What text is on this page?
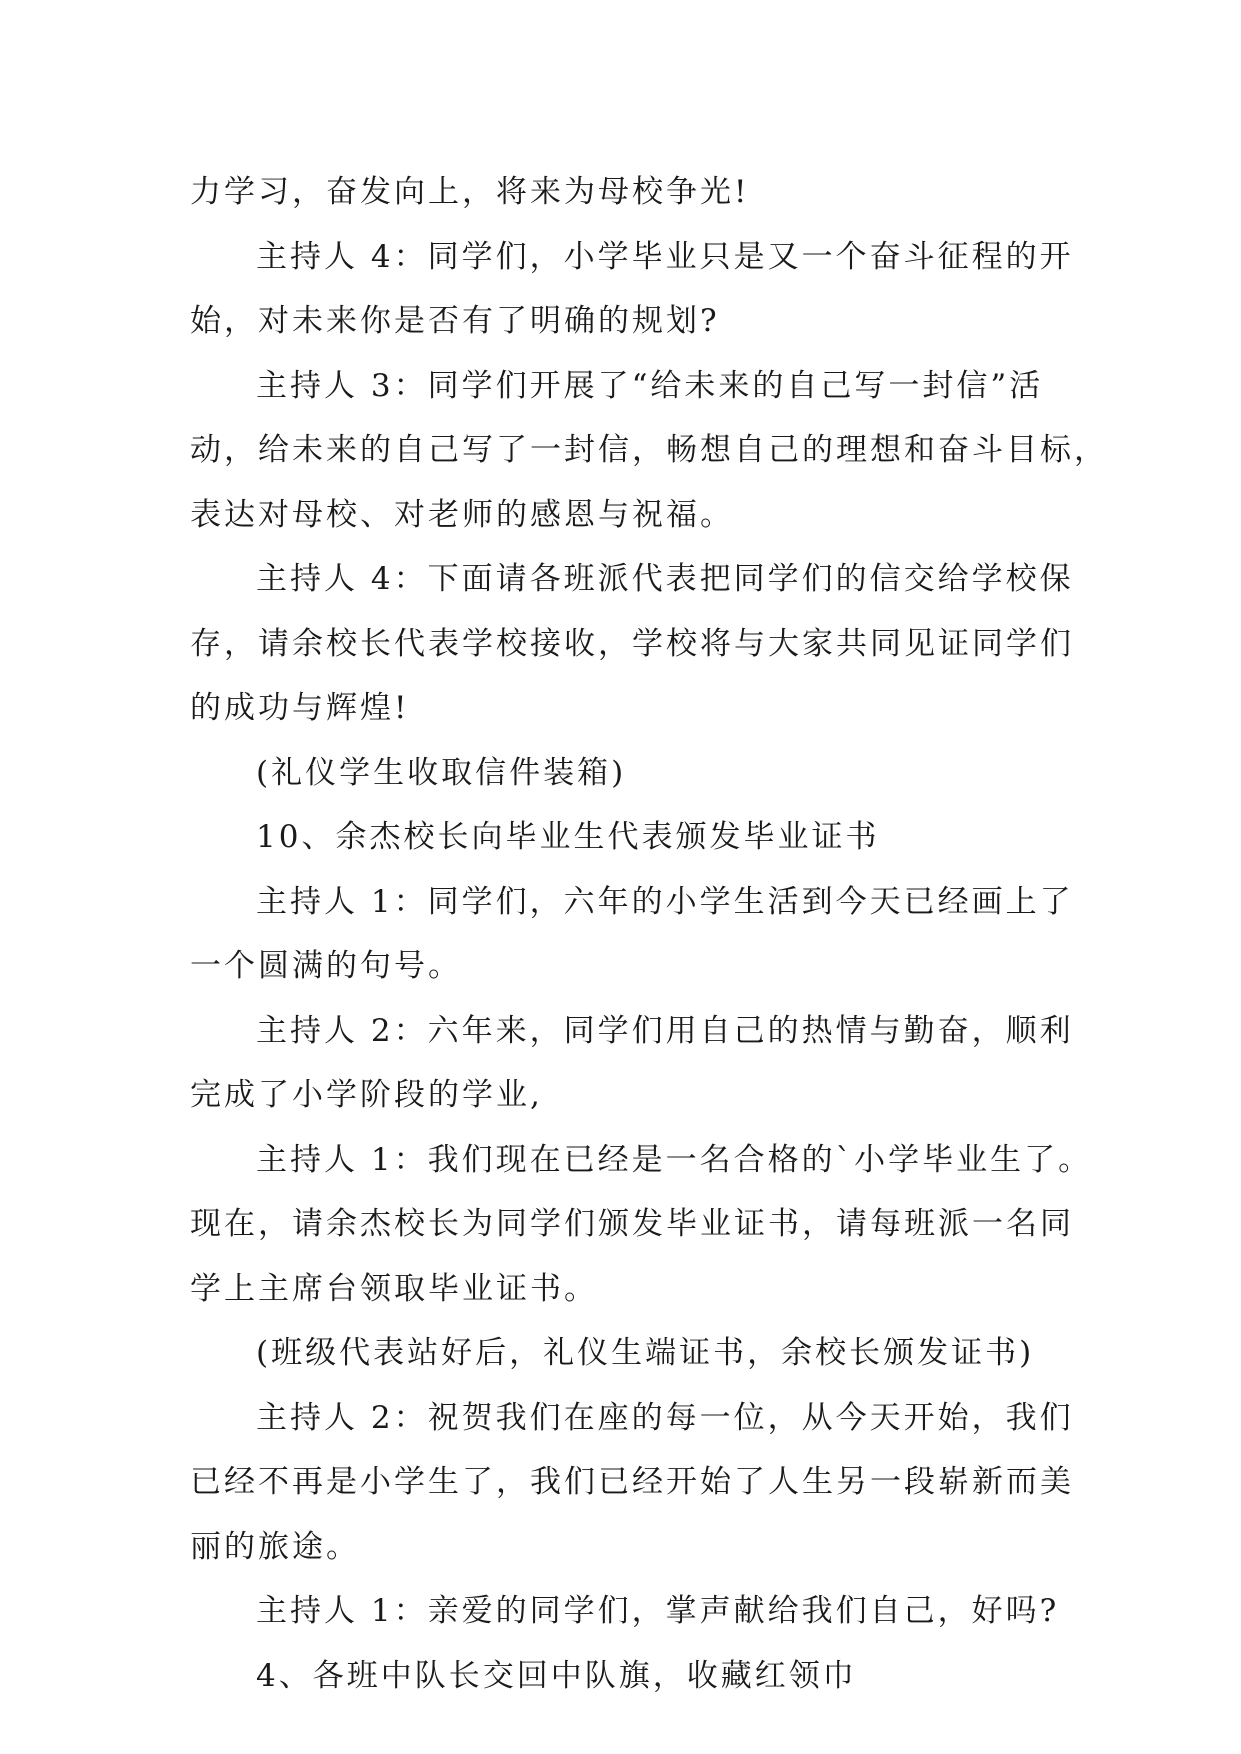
力学习，奋发向上，将来为母校争光!

主持人 4：同学们，小学毕业只是又一个奋斗征程的开

始，对未来你是否有了明确的规划?

主持人 3：同学们开展了“给未来的自己写一封信”活

动，给未来的自己写了一封信，畅想自己的理想和奋斗目标，

表达对母校、对老师的感恩与祝福。

主持人 4：下面请各班派代表把同学们的信交给学校保

存，请余校长代表学校接收，学校将与大家共同见证同学们

的成功与辉煌!

(礼仪学生收取信件装箱)

10、余杰校长向毕业生代表颁发毕业证书

主持人 1：同学们，六年的小学生活到今天已经画上了

一个圆满的句号。

主持人 2：六年来，同学们用自己的热情与勤奋，顺利

完成了小学阶段的学业,

主持人 1：我们现在已经是一名合格的`小学毕业生了。

现在，请余杰校长为同学们颁发毕业证书，请每班派一名同

学上主席台领取毕业证书。

(班级代表站好后，礼仪生端证书，余校长颁发证书)

主持人 2：祝贺我们在座的每一位，从今天开始，我们

已经不再是小学生了，我们已经开始了人生另一段崭新而美

丽的旅途。

主持人 1：亲爱的同学们，掌声献给我们自己，好吗?

4、各班中队长交回中队旗，收藏红领巾
